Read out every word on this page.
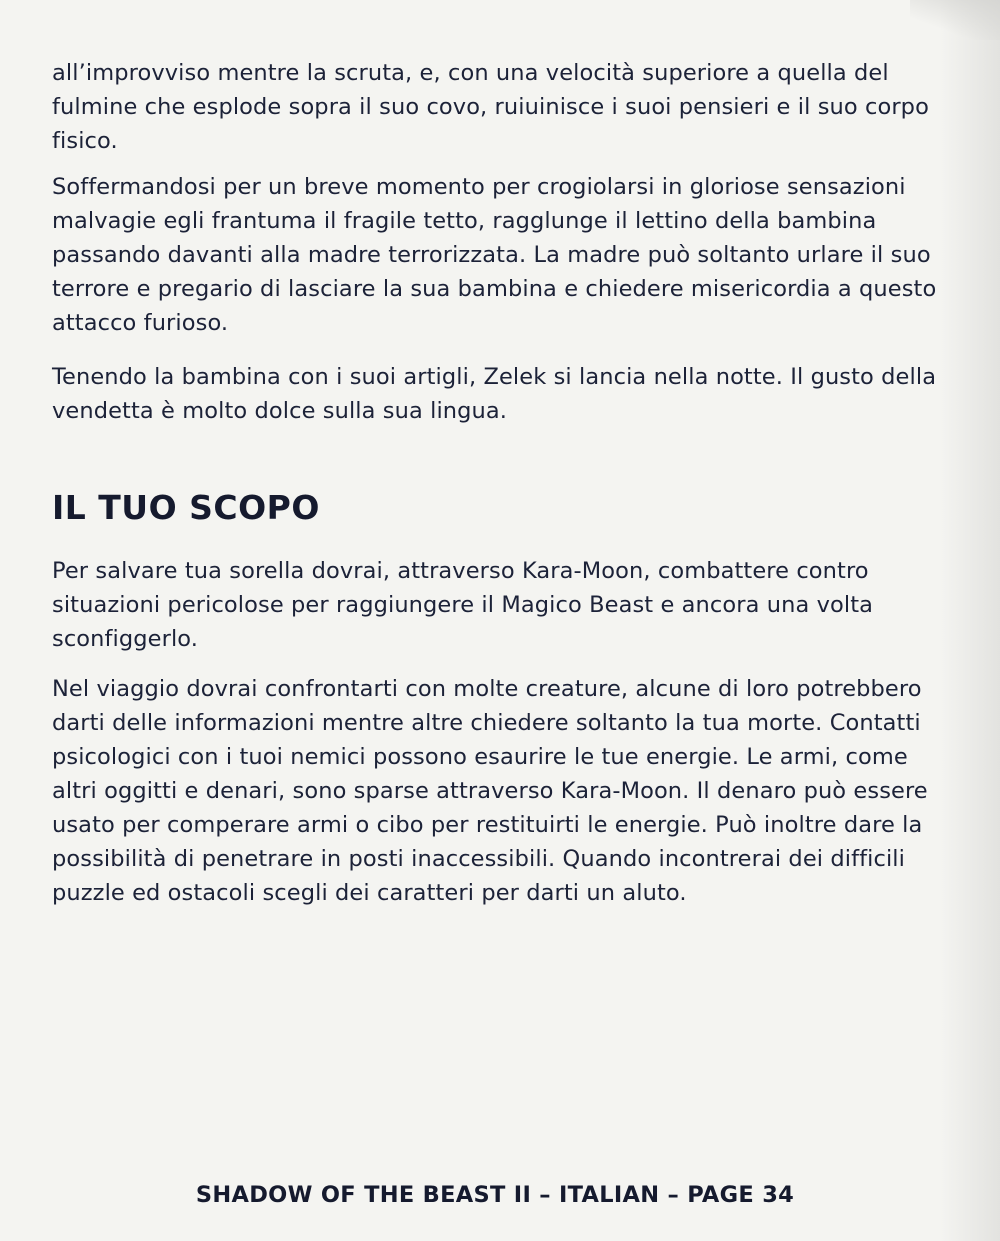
all’improvviso mentre la scruta, e, con una velocità superiore a quella del fulmine che esplode sopra il suo covo, ruiuinisce i suoi pensieri e il suo corpo fisico.

Soffermandosi per un breve momento per crogiolarsi in gloriose sensazioni malvagie egli frantuma il fragile tetto, ragglunge il lettino della bambina passando davanti alla madre terrorizzata. La madre può soltanto urlare il suo terrore e pregario di lasciare la sua bambina e chiedere misericordia a questo attacco furioso.

Tenendo la bambina con i suoi artigli, Zelek si lancia nella notte. Il gusto della vendetta è molto dolce sulla sua lingua.

IL TUO SCOPO

Per salvare tua sorella dovrai, attraverso Kara-Moon, combattere contro situazioni pericolose per raggiungere il Magico Beast e ancora una volta sconfiggerlo.

Nel viaggio dovrai confrontarti con molte creature, alcune di loro potrebbero darti delle informazioni mentre altre chiedere soltanto la tua morte. Contatti psicologici con i tuoi nemici possono esaurire le tue energie. Le armi, come altri oggitti e denari, sono sparse attraverso Kara-Moon. Il denaro può essere usato per comperare armi o cibo per restituirti le energie. Può inoltre dare la possibilità di penetrare in posti inaccessibili. Quando incontrerai dei difficili puzzle ed ostacoli scegli dei caratteri per darti un aluto.

SHADOW OF THE BEAST II – ITALIAN – PAGE 34
